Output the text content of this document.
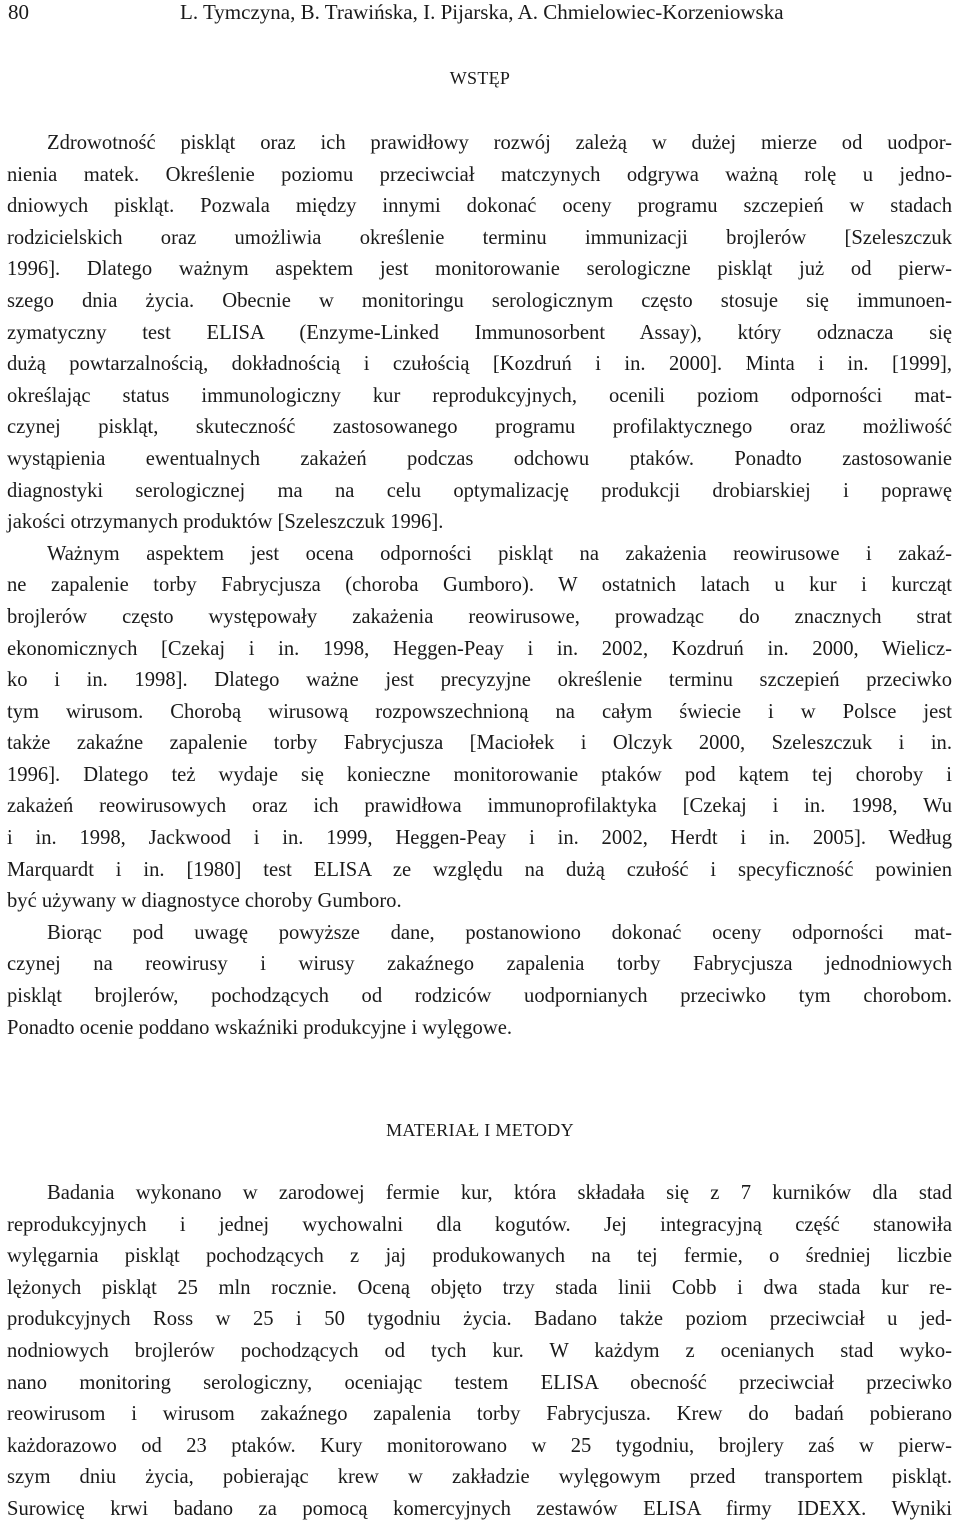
80	L. Tymczyna, B. Trawińska, I. Pijarska, A. Chmielowiec-Korzeniowska
WSTĘP
Zdrowotność piskląt oraz ich prawidłowy rozwój zależą w dużej mierze od uodpor-
nienia matek. Określenie poziomu przeciwciał matczynych odgrywa ważną rolę u jedno-
dniowych piskląt. Pozwala między innymi dokonać oceny programu szczepień w stadach
rodzicielskich oraz umożliwia określenie terminu immunizacji brojlerów [Szeleszczuk
1996]. Dlatego ważnym aspektem jest monitorowanie serologiczne piskląt już od pierw-
szego dnia życia. Obecnie w monitoringu serologicznym często stosuje się immunoen-
zymatyczny test ELISA (Enzyme-Linked Immunosorbent Assay), który odznacza się
dużą powtarzalnością, dokładnością i czułością [Kozdruń i in. 2000]. Minta i in. [1999],
określając status immunologiczny kur reprodukcyjnych, ocenili poziom odporności mat-
czynej piskląt, skuteczność zastosowanego programu profilaktycznego oraz możliwość
wystąpienia ewentualnych zakażeń podczas odchowu ptaków. Ponadto zastosowanie
diagnostyki serologicznej ma na celu optymalizację produkcji drobiarskiej i poprawę
jakości otrzymanych produktów [Szeleszczuk 1996].
Ważnym aspektem jest ocena odporności piskląt na zakażenia reowirusowe i zakaź-
ne zapalenie torby Fabrycjusza (choroba Gumboro). W ostatnich latach u kur i kurcząt
brojlerów często występowały zakażenia reowirusowe, prowadząc do znacznych strat
ekonomicznych [Czekaj i in. 1998, Heggen-Peay i in. 2002, Kozdruń in. 2000, Wielicz-
ko i in. 1998]. Dlatego ważne jest precyzyjne określenie terminu szczepień przeciwko
tym wirusom. Chorobą wirusową rozpowszechnioną na całym świecie i w Polsce jest
także zakaźne zapalenie torby Fabrycjusza [Maciołek i Olczyk 2000, Szeleszczuk i in.
1996]. Dlatego też wydaje się konieczne monitorowanie ptaków pod kątem tej choroby i
zakażeń reowirusowych oraz ich prawidłowa immunoprofilaktyka [Czekaj i in. 1998, Wu
i in. 1998, Jackwood i in. 1999, Heggen-Peay i in. 2002, Herdt i in. 2005]. Według
Marquardt i in. [1980] test ELISA ze względu na dużą czułość i specyficzność powinien
być używany w diagnostyce choroby Gumboro.
Biorąc pod uwagę powyższe dane, postanowiono dokonać oceny odporności mat-
czynej na reowirusy i wirusy zakaźnego zapalenia torby Fabrycjusza jednodniowych
piskląt brojlerów, pochodzących od rodziców uodpornianych przeciwko tym chorobom.
Ponadto ocenie poddano wskaźniki produkcyjne i wylęgowe.
MATERIAŁ I METODY
Badania wykonano w zarodowej fermie kur, która składała się z 7 kurników dla stad
reprodukcyjnych i jednej wychowalni dla kogutów. Jej integracyjną część stanowiła
wylęgarnia piskląt pochodzących z jaj produkowanych na tej fermie, o średniej liczbie
lężonych piskląt 25 mln rocznie. Oceną objęto trzy stada linii Cobb i dwa stada kur re-
produkcyjnych Ross w 25 i 50 tygodniu życia. Badano także poziom przeciwciał u jed-
nodniowych brojlerów pochodzących od tych kur. W każdym z ocenianych stad wyko-
nano monitoring serologiczny, oceniając testem ELISA obecność przeciwciał przeciwko
reowirusom i wirusom zakaźnego zapalenia torby Fabrycjusza. Krew do badań pobierano
każdorazowo od 23 ptaków. Kury monitorowano w 25 tygodniu, brojlery zaś w pierw-
szym dniu życia, pobierając krew w zakładzie wylęgowym przed transportem piskląt.
Surowicę krwi badano za pomocą komercyjnych zestawów ELISA firmy IDEXX. Wyniki
